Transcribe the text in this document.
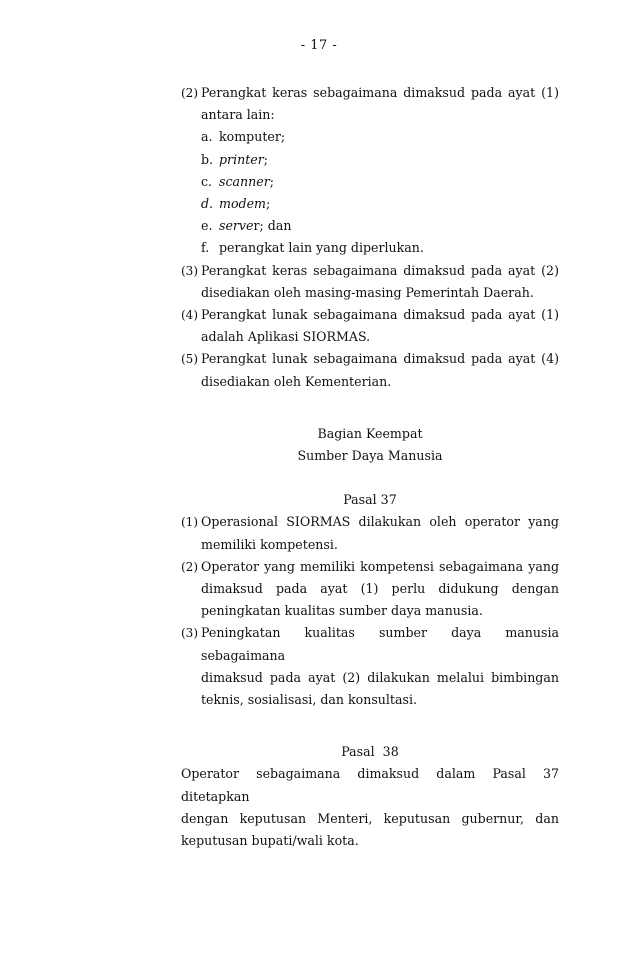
- 17 -
(2) Perangkat keras sebagaimana dimaksud pada ayat (1)
antara lain:
a. komputer;
b. printer;
c. scanner;
d. modem;
e. server; dan
f. perangkat lain yang diperlukan.
(3) Perangkat keras sebagaimana dimaksud pada ayat (2)
disediakan oleh masing-masing Pemerintah Daerah.
(4) Perangkat lunak sebagaimana dimaksud pada ayat (1)
adalah Aplikasi SIORMAS.
(5) Perangkat lunak sebagaimana dimaksud pada ayat (4)
disediakan oleh Kementerian.
Bagian Keempat
Sumber Daya Manusia
Pasal 37
(1) Operasional SIORMAS dilakukan oleh operator yang
memiliki kompetensi.
(2) Operator yang memiliki kompetensi sebagaimana yang
dimaksud pada ayat (1) perlu didukung dengan
peningkatan kualitas sumber daya manusia.
(3) Peningkatan kualitas sumber daya manusia sebagaimana
dimaksud pada ayat (2) dilakukan melalui bimbingan
teknis, sosialisasi, dan konsultasi.
Pasal  38
Operator sebagaimana dimaksud dalam Pasal 37 ditetapkan
dengan keputusan Menteri, keputusan gubernur, dan
keputusan bupati/wali kota.
